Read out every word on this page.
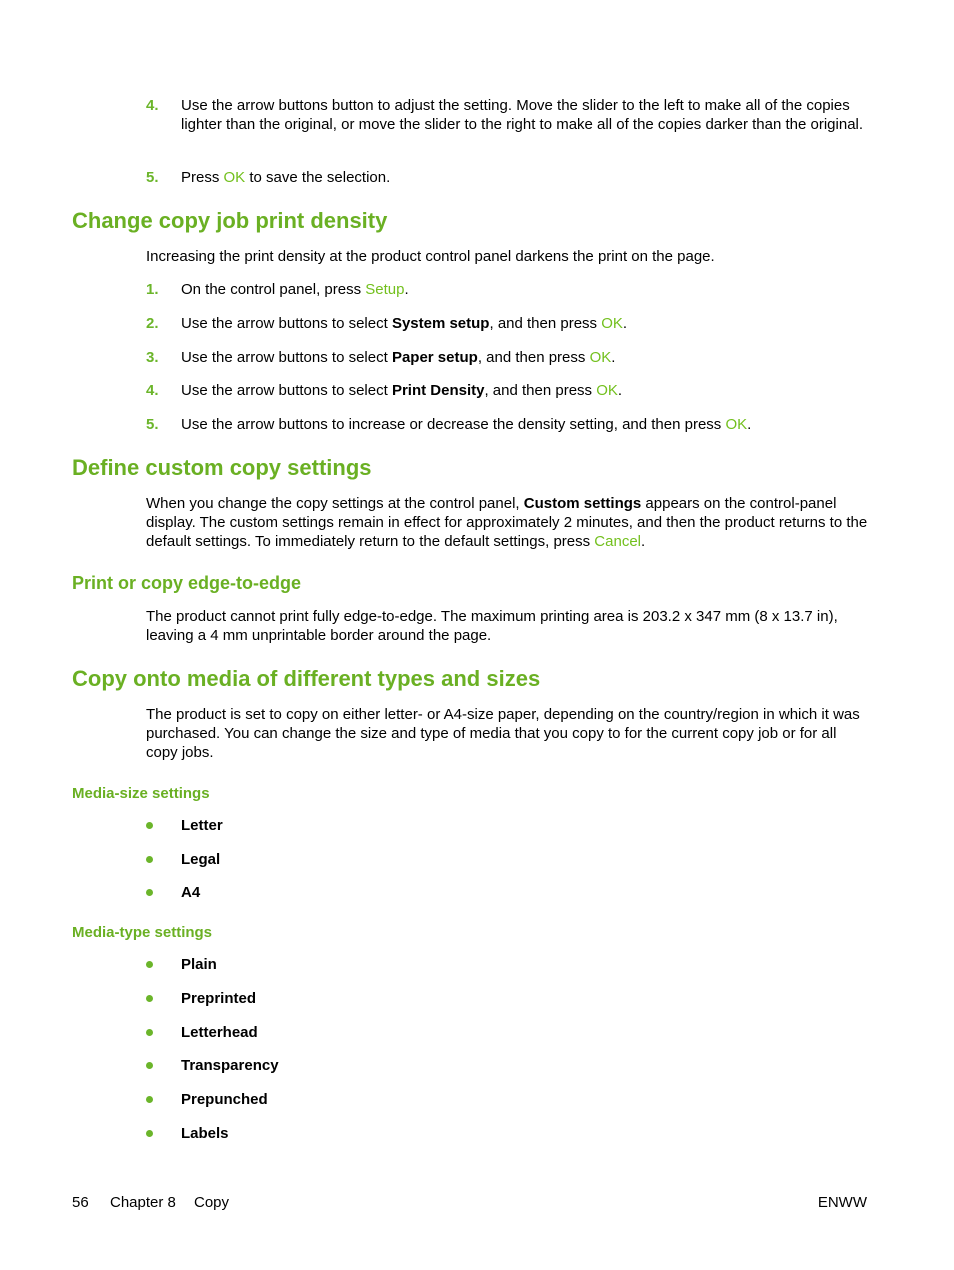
4. Use the arrow buttons button to adjust the setting. Move the slider to the left to make all of the copies lighter than the original, or move the slider to the right to make all of the copies darker than the original.
5. Press OK to save the selection.
Change copy job print density

Increasing the print density at the product control panel darkens the print on the page.

1. On the control panel, press Setup.
2. Use the arrow buttons to select System setup, and then press OK.
3. Use the arrow buttons to select Paper setup, and then press OK.
4. Use the arrow buttons to select Print Density, and then press OK.
5. Use the arrow buttons to increase or decrease the density setting, and then press OK.
Define custom copy settings

When you change the copy settings at the control panel, Custom settings appears on the control-panel display. The custom settings remain in effect for approximately 2 minutes, and then the product returns to the default settings. To immediately return to the default settings, press Cancel.

Print or copy edge-to-edge

The product cannot print fully edge-to-edge. The maximum printing area is 203.2 x 347 mm (8 x 13.7 in), leaving a 4 mm unprintable border around the page.

Copy onto media of different types and sizes

The product is set to copy on either letter- or A4-size paper, depending on the country/region in which it was purchased. You can change the size and type of media that you copy to for the current copy job or for all copy jobs.

Media-size settings
Letter
Legal
A4
Media-type settings
Plain
Preprinted
Letterhead
Transparency
Prepunched
Labels
56 Chapter 8 Copy	ENWW
